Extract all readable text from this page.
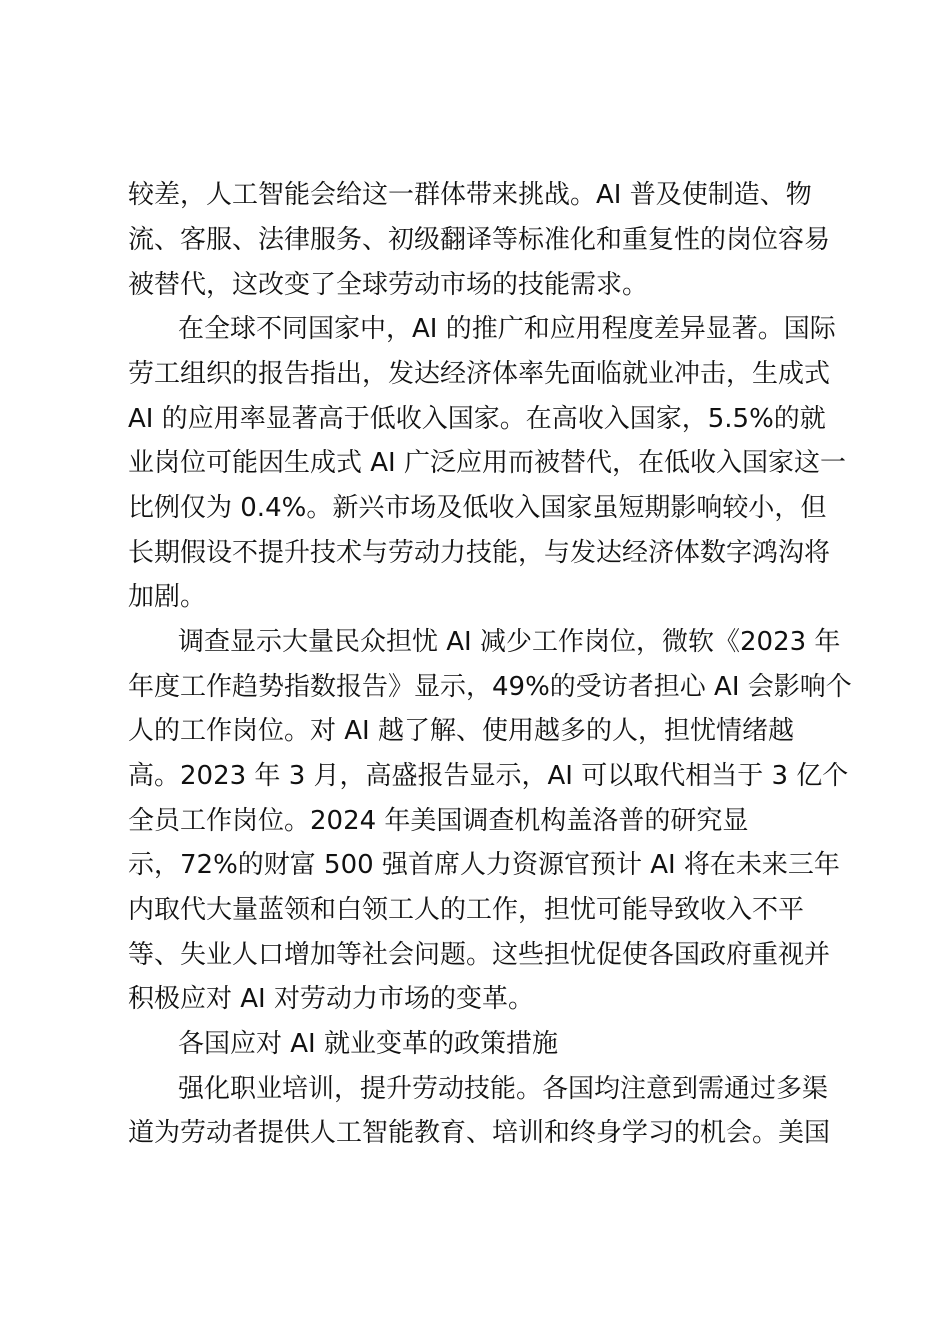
较差，人工智能会给这一群体带来挑战。AI 普及使制造、物
流、客服、法律服务、初级翻译等标准化和重复性的岗位容易
被替代，这改变了全球劳动市场的技能需求。
在全球不同国家中，AI 的推广和应用程度差异显著。国际
劳工组织的报告指出，发达经济体率先面临就业冲击，生成式
AI 的应用率显著高于低收入国家。在高收入国家，5.5%的就
业岗位可能因生成式 AI 广泛应用而被替代，在低收入国家这一
比例仅为 0.4%。新兴市场及低收入国家虽短期影响较小，但
长期假设不提升技术与劳动力技能，与发达经济体数字鸿沟将
加剧。
调查显示大量民众担忧 AI 减少工作岗位，微软《2023 年
年度工作趋势指数报告》显示，49%的受访者担心 AI 会影响个
人的工作岗位。对 AI 越了解、使用越多的人，担忧情绪越
高。2023 年 3 月，高盛报告显示，AI 可以取代相当于 3 亿个
全员工作岗位。2024 年美国调查机构盖洛普的研究显
示，72%的财富 500 强首席人力资源官预计 AI 将在未来三年
内取代大量蓝领和白领工人的工作，担忧可能导致收入不平
等、失业人口增加等社会问题。这些担忧促使各国政府重视并
积极应对 AI 对劳动力市场的变革。
各国应对 AI 就业变革的政策措施
强化职业培训，提升劳动技能。各国均注意到需通过多渠
道为劳动者提供人工智能教育、培训和终身学习的机会。美国
